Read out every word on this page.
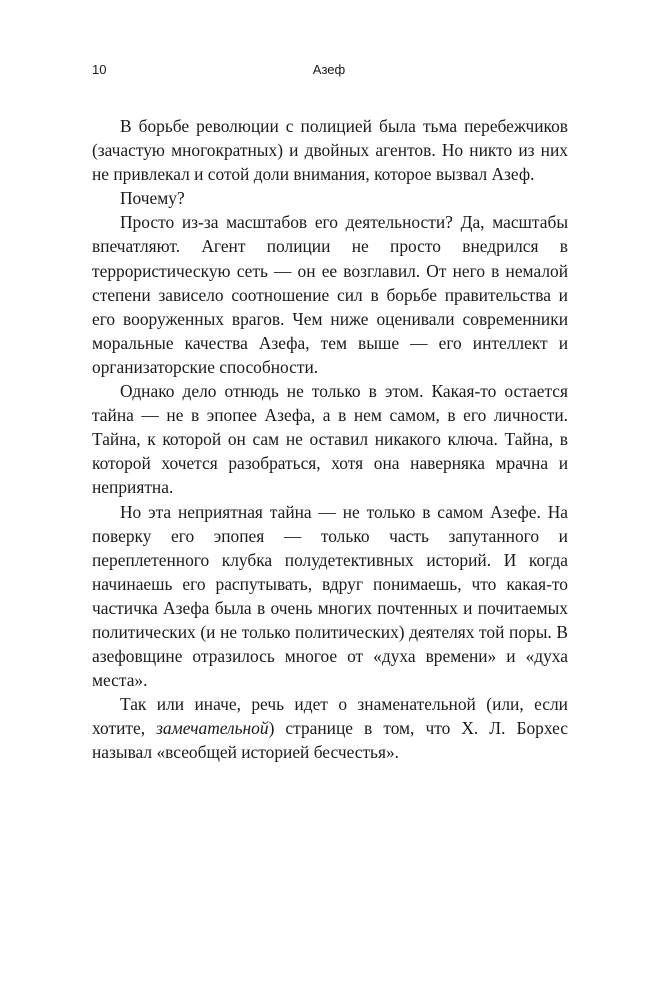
10	Азеф

В борьбе революции с полицией была тьма перебежчиков (зачастую многократных) и двойных агентов. Но никто из них не привлекал и сотой доли внимания, которое вызвал Азеф.

Почему?

Просто из-за масштабов его деятельности? Да, масштабы впечатляют. Агент полиции не просто внедрился в террористическую сеть — он ее возглавил. От него в немалой степени зависело соотношение сил в борьбе правительства и его вооруженных врагов. Чем ниже оценивали современники моральные качества Азефа, тем выше — его интеллект и организаторские способности.

Однако дело отнюдь не только в этом. Какая-то остается тайна — не в эпопее Азефа, а в нем самом, в его личности. Тайна, к которой он сам не оставил никакого ключа. Тайна, в которой хочется разобраться, хотя она наверняка мрачна и неприятна.

Но эта неприятная тайна — не только в самом Азефе. На поверку его эпопея — только часть запутанного и переплетенного клубка полудетективных историй. И когда начинаешь его распутывать, вдруг понимаешь, что какая-то частичка Азефа была в очень многих почтенных и почитаемых политических (и не только политических) деятелях той поры. В азефовщине отразилось многое от «духа времени» и «духа места».

Так или иначе, речь идет о знаменательной (или, если хотите, замечательной) странице в том, что Х. Л. Борхес называл «всеобщей историей бесчестья».
